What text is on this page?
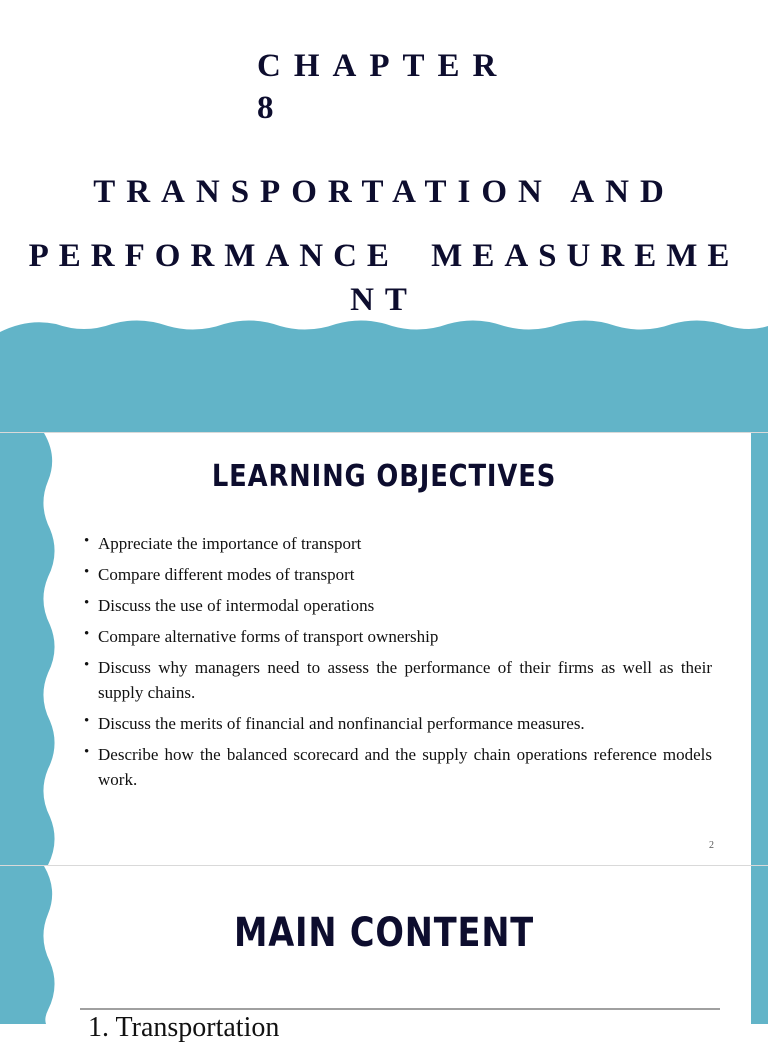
CHAPTER

8

TRANSPORTATION AND

PERFORMANCE MEASUREME

NT

LEARNING OBJECTIVES
• Appreciate the importance of transport
• Compare different modes of transport
• Discuss the use of intermodal operations
• Compare alternative forms of transport ownership
• Discuss why managers need to assess the performance of their firms as well as their supply chains.
• Discuss the merits of financial and nonfinancial performance measures.
• Describe how the balanced scorecard and the supply chain operations reference models work.
2
MAIN CONTENT

1. Transportation
